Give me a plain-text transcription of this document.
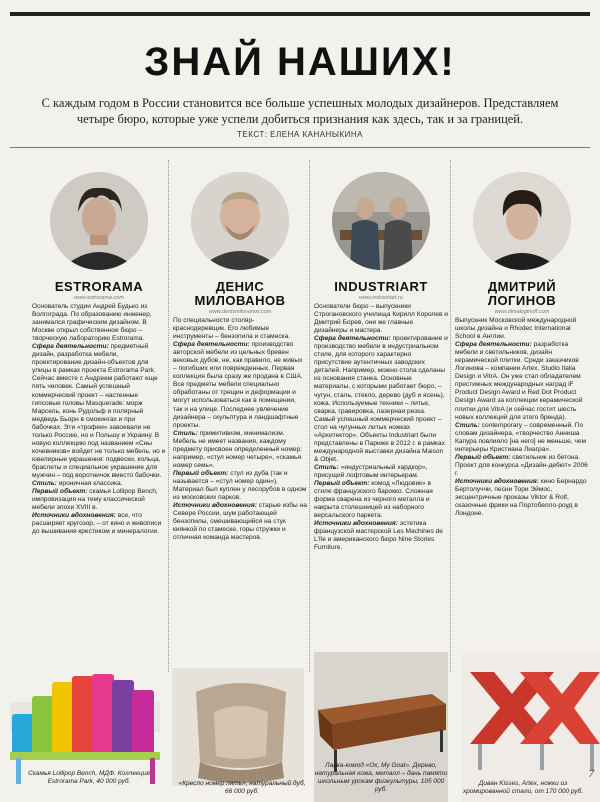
ЗНАЙ НАШИХ!

С каждым годом в России становится все больше успешных молодых дизайнеров. Представляем четыре бюро, которые уже успели добиться признания как здесь, так и за границей.

ТЕКСТ: ЕЛЕНА КАНАНЫКИНА
ESTRORAMA
www.estrorama.com

Основатель студии Андрей Будько из Волгограда. По образованию инженер, занимался графическим дизайном. В Москве открыл собственное бюро – творческую лабораторию Estrorama.

Сфера деятельности: предметный дизайн, разработка мебели, проектирование дизайн-объектов для улицы в рамках проекта Estrorama Park. Сейчас вместе с Андреем работают еще пять человек. Самый успешный коммерческий проект – настенные гипсовые головы Masquerade: морж Марсель, конь Рудольф и полярный медведь Бьорн в смокингах и при бабочках. Эти «трофеи» завоевали не только Россию, но и Польшу и Украину. В новую коллекцию под названием «Сны кочевников» войдет не только мебель, но и ювелирные украшения: подвески, кольца, браслеты и специальное украшение для мужчин – под воротничок вместо бабочки.

Стиль: ироничная классика.

Первый объект: скамья Lollipop Bench, импровизация на тему классической мебели эпохи XVIII в.

Источники вдохновения: все, что расширяет кругозор, – от кино и живописи до вышивания крестиком и минералогии.

ДЕНИС МИЛОВАНОВ
www.denismilovanov.com

По специальности столяр-краснодеревщик. Его любимые инструменты – бензопила и стамеска.

Сфера деятельности: производство авторской мебели из цельных бревен вековых дубов, не, как правило, не живых – погибших или поврежденных. Первая коллекция была сразу же продана в США. Все предметы мебели специально обработаны от трещин и деформации и могут использоваться как в помещении, так и на улице. Последнее увлечение дизайнера – скульптура и ландшафтные проекты.

Стиль: примитивизм, минимализм. Мебель не имеет названия, каждому предмету присвоен определенный номер: например, «стул номер четыре», «скамья номер семь».

Первый объект: стул из дуба (так и называется – «стул номер один»). Материал был куплен у лесорубов в одном из московских парков.

Источники вдохновения: старые избы на Севере России, шум работающей бензопилы, смешивающийся на стук киянкой по стамеске, горы стружки и отличная команда мастеров.

INDUSTRIART
www.industriart.ru

Основатели бюро – выпускники Строгановского училища Кирилл Королев и Дмитрий Борев, они же главные дизайнеры и мастера.

Сфера деятельности: проектирование и производство мебели в индустриальном стиле, для которого характерно присутствие аутентичных заводских деталей. Например, можно стола сделаны из основания станка. Основные материалы, с которыми работает бюро, – чугун, сталь, стекло, дерево (дуб и ясень), кожа. Используемые техники – литье, сварка, гравировка, лазерная резка. Самый успешный коммерческий проект – стол на чугунных литых ножках «Архитектор». Объекты Industriart были представлены в Париже в 2012 г. в рамках международной выставки дизайна Maison & Objet.

Стиль: «индустриальный хардкор», присущий лофтовым интерьерам.

Первый объект: комод «Людовик» в стиле французского барокко. Сложная форма сварена из черного металла и накрыта столешницей из наборного версальского паркета.

Источники вдохновения: эстетика французской мастерской Les Machines de L'île и американского бюро Nine Stories Furniture.

ДМИТРИЙ ЛОГИНОВ
www.dimaloginoff.com

Выпускник Московской международной школы дизайна и Rhodec International School в Англии.

Сфера деятельности: разработка мебели и светильников, дизайн керамической плитки. Среди заказчиков Логинова – компании Artex, Studio Italia Design и VitrA. Он уже стал обладателем престижных международных наград iF Product Design Award и Red Dot Product Design Award за коллекции керамической плитки для VitrA (и сейчас гостит шесть новых коллекций для этого бренда).

Стиль: contemporary – современный. По словам дизайнера, «творчество Анниша Капура повлияло [на него] не меньше, чем интерьеры Кристиана Лиагра».

Первый объект: светильник из бетона. Проект для конкурса «Дизайн-дебют» 2006 г.

Источники вдохновения: кино Бернардо Бертолуччи, песни Тори Эймос, эксцентричные проказы Viktor & Rolf, сказочные фрики на Портобелло-роуд в Лондоне.

Скамья Lollipop Bench, МДФ. Коллекция Estrorama Park, 40 000 руб.	«Кресло номер пять», натуральный дуб, 66 000 руб.
Лавка-комод «Ох, My Goat». Дерево, натуральная кожа, металл – дань памяти школьным урокам физкультуры, 105 000 руб.
Диван Kisses, Artex, ножки из хромированной стали, от 170 000 руб.
7
